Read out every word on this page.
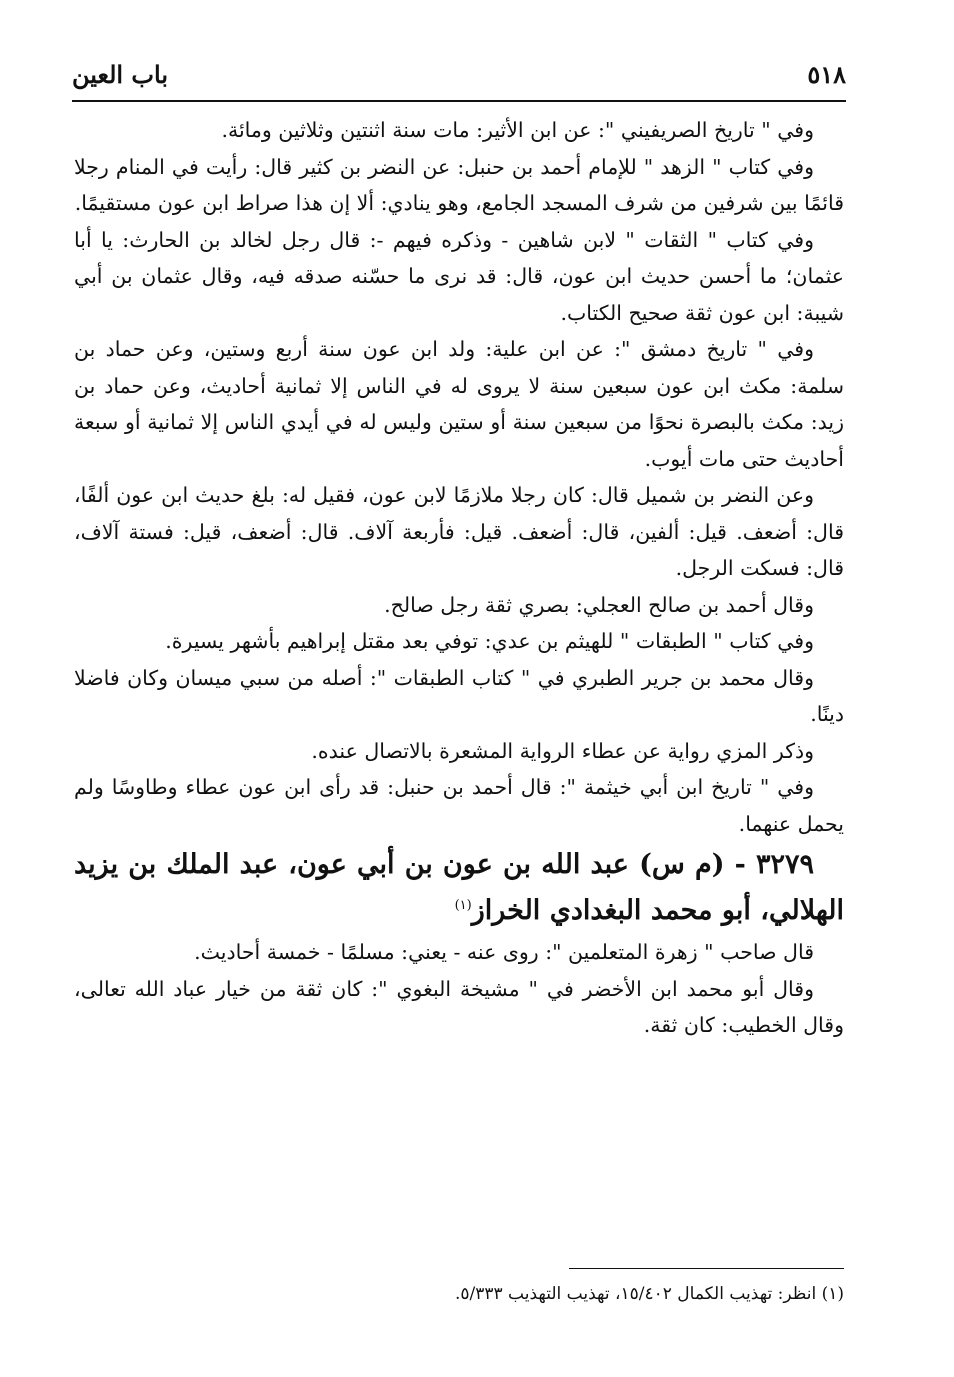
٥١٨
باب العين

وفي " تاريخ الصريفيني ": عن ابن الأثير: مات سنة اثنتين وثلاثين ومائة.

وفي كتاب " الزهد " للإمام أحمد بن حنبل: عن النضر بن كثير قال: رأيت في المنام رجلا قائمًا بين شرفين من شرف المسجد الجامع، وهو ينادي: ألا إن هذا صراط ابن عون مستقيمًا.

وفي كتاب " الثقات " لابن شاهين - وذكره فيهم -: قال رجل لخالد بن الحارث: يا أبا عثمان؛ ما أحسن حديث ابن عون، قال: قد نرى ما حسّنه صدقه فيه، وقال عثمان بن أبي شيبة: ابن عون ثقة صحيح الكتاب.

وفي " تاريخ دمشق ": عن ابن علية: ولد ابن عون سنة أربع وستين، وعن حماد بن سلمة: مكث ابن عون سبعين سنة لا يروى له في الناس إلا ثمانية أحاديث، وعن حماد بن زيد: مكث بالبصرة نحوًا من سبعين سنة أو ستين وليس له في أيدي الناس إلا ثمانية أو سبعة أحاديث حتى مات أيوب.

وعن النضر بن شميل قال: كان رجلا ملازمًا لابن عون، فقيل له: بلغ حديث ابن عون ألفًا، قال: أضعف. قيل: ألفين، قال: أضعف. قيل: فأربعة آلاف. قال: أضعف، قيل: فستة آلاف، قال: فسكت الرجل.

وقال أحمد بن صالح العجلي: بصري ثقة رجل صالح.

وفي كتاب " الطبقات " للهيثم بن عدي: توفي بعد مقتل إبراهيم بأشهر يسيرة.

وقال محمد بن جرير الطبري في " كتاب الطبقات ": أصله من سبي ميسان وكان فاضلا دينًا.

وذكر المزي رواية عن عطاء الرواية المشعرة بالاتصال عنده.

وفي " تاريخ ابن أبي خيثمة ": قال أحمد بن حنبل: قد رأى ابن عون عطاء وطاوسًا ولم يحمل عنهما.

٣٢٧٩ - (م س) عبد الله بن عون بن أبي عون، عبد الملك بن يزيد الهلالي، أبو محمد البغدادي الخراز$^{(١)}$

قال صاحب " زهرة المتعلمين ": روى عنه - يعني: مسلمًا - خمسة أحاديث.

وقال أبو محمد ابن الأخضر في " مشيخة البغوي ": كان ثقة من خيار عباد الله تعالى، وقال الخطيب: كان ثقة.

(١) انظر: تهذيب الكمال ١٥/٤٠٢، تهذيب التهذيب ٥/٣٣٣.
